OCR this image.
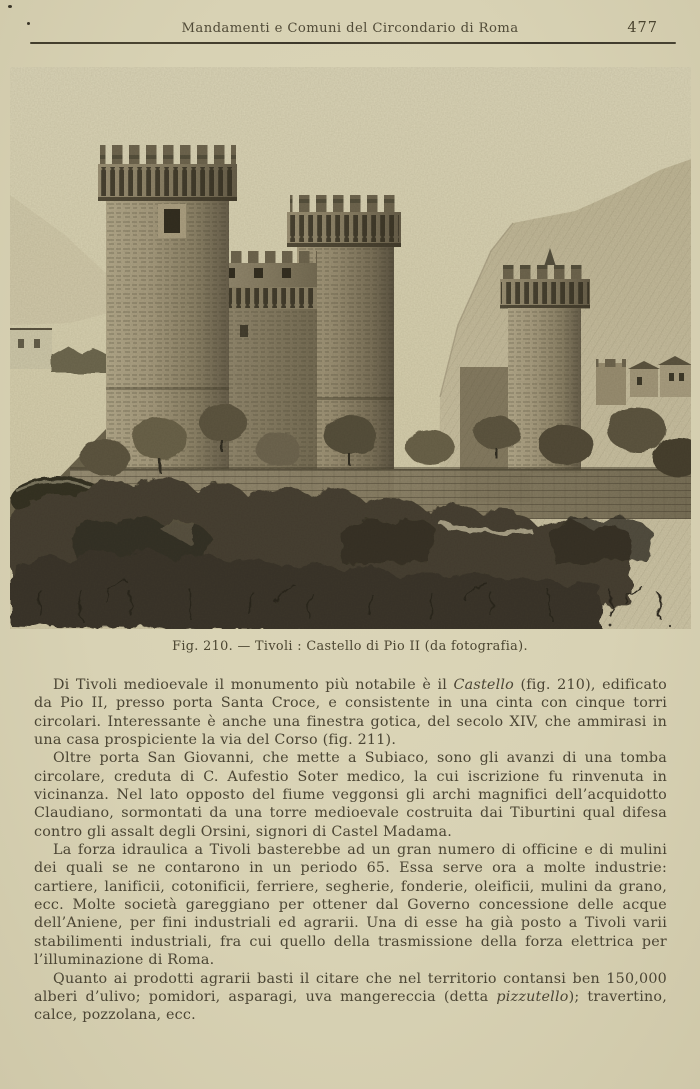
Mandamenti e Comuni del Circondario di Roma	477
Fig. 210. — Tivoli : Castello di Pio II (da fotografia).

Di Tivoli medioevale il monumento più notabile è il Castello (fig. 210), edificato da Pio II, presso porta Santa Croce, e consistente in una cinta con cinque torri circolari. Interessante è anche una finestra gotica, del secolo XIV, che ammirasi in una casa prospiciente la via del Corso (fig. 211).

Oltre porta San Giovanni, che mette a Subiaco, sono gli avanzi di una tomba circolare, creduta di C. Aufestio Soter medico, la cui iscrizione fu rinvenuta in vicinanza. Nel lato opposto del fiume veggonsi gli archi magnifici dell’acquidotto Claudiano, sormontati da una torre medioevale costruita dai Tiburtini qual difesa contro gli assalt degli Orsini, signori di Castel Madama.

La forza idraulica a Tivoli basterebbe ad un gran numero di officine e di mulini dei quali se ne contarono in un periodo 65. Essa serve ora a molte industrie: cartiere, lanificii, cotonificii, ferriere, segherie, fonderie, oleificii, mulini da grano, ecc. Molte società gareggiano per ottener dal Governo concessione delle acque dell’Aniene, per fini industriali ed agrarii. Una di esse ha già posto a Tivoli varii stabilimenti industriali, fra cui quello della trasmissione della forza elettrica per l’illuminazione di Roma.

Quanto ai prodotti agrarii basti il citare che nel territorio contansi ben 150,000 alberi d’ulivo; pomidori, asparagi, uva mangereccia (detta pizzutello); travertino, calce, pozzolana, ecc.
